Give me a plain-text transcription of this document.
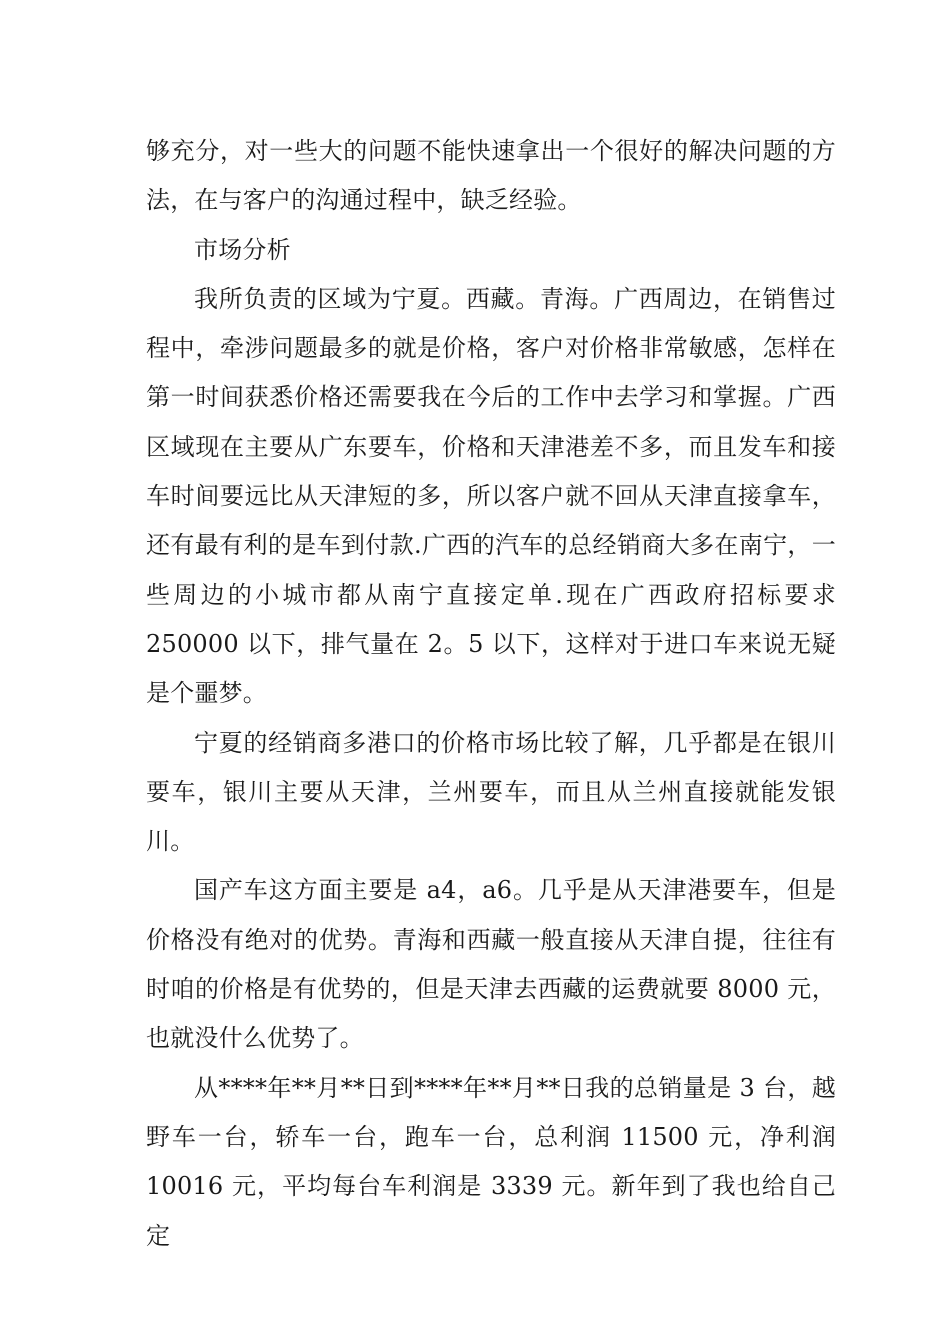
够充分，对一些大的问题不能快速拿出一个很好的解决问题的方法，在与客户的沟通过程中，缺乏经验。

市场分析

我所负责的区域为宁夏。西藏。青海。广西周边，在销售过程中，牵涉问题最多的就是价格，客户对价格非常敏感，怎样在第一时间获悉价格还需要我在今后的工作中去学习和掌握。广西区域现在主要从广东要车，价格和天津港差不多，而且发车和接车时间要远比从天津短的多，所以客户就不回从天津直接拿车，还有最有利的是车到付款.广西的汽车的总经销商大多在南宁，一些周边的小城市都从南宁直接定单.现在广西政府招标要求 250000 以下，排气量在 2。5 以下，这样对于进口车来说无疑是个噩梦。

宁夏的经销商多港口的价格市场比较了解，几乎都是在银川要车，银川主要从天津，兰州要车，而且从兰州直接就能发银川。

国产车这方面主要是 a4，a6。几乎是从天津港要车，但是价格没有绝对的优势。青海和西藏一般直接从天津自提，往往有时咱的价格是有优势的，但是天津去西藏的运费就要 8000 元，也就没什么优势了。

从****年**月**日到****年**月**日我的总销量是 3 台，越野车一台，轿车一台，跑车一台，总利润 11500 元，净利润 10016 元，平均每台车利润是 3339 元。新年到了我也给自己定
